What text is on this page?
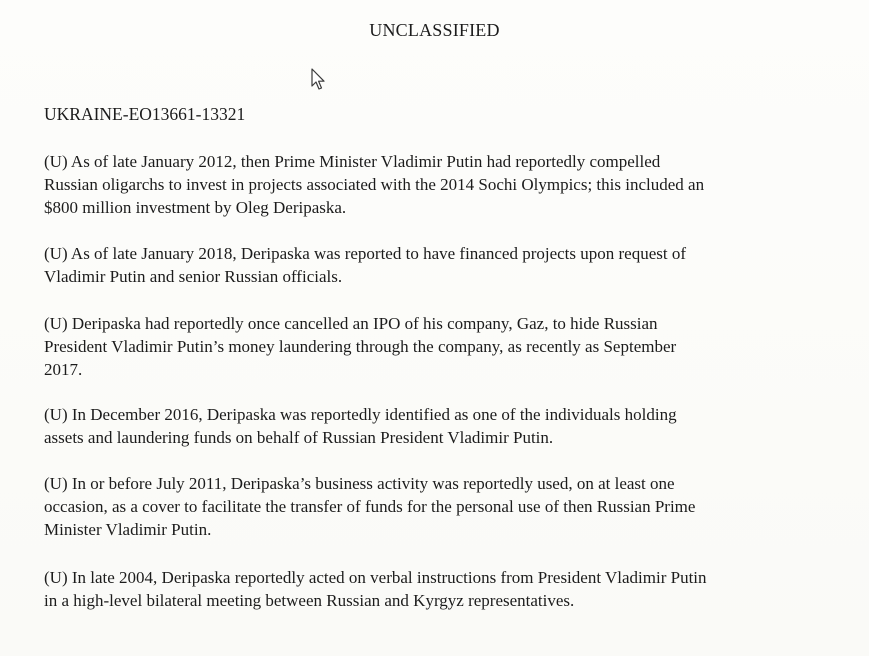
UNCLASSIFIED
UKRAINE-EO13661-13321

(U) As of late January 2012, then Prime Minister Vladimir Putin had reportedly compelled
Russian oligarchs to invest in projects associated with the 2014 Sochi Olympics; this included an
$800 million investment by Oleg Deripaska.

(U) As of late January 2018, Deripaska was reported to have financed projects upon request of
Vladimir Putin and senior Russian officials.

(U) Deripaska had reportedly once cancelled an IPO of his company, Gaz, to hide Russian
President Vladimir Putin’s money laundering through the company, as recently as September
2017.

(U) In December 2016, Deripaska was reportedly identified as one of the individuals holding
assets and laundering funds on behalf of Russian President Vladimir Putin.

(U) In or before July 2011, Deripaska’s business activity was reportedly used, on at least one
occasion, as a cover to facilitate the transfer of funds for the personal use of then Russian Prime
Minister Vladimir Putin.

(U) In late 2004, Deripaska reportedly acted on verbal instructions from President Vladimir Putin
in a high-level bilateral meeting between Russian and Kyrgyz representatives.
